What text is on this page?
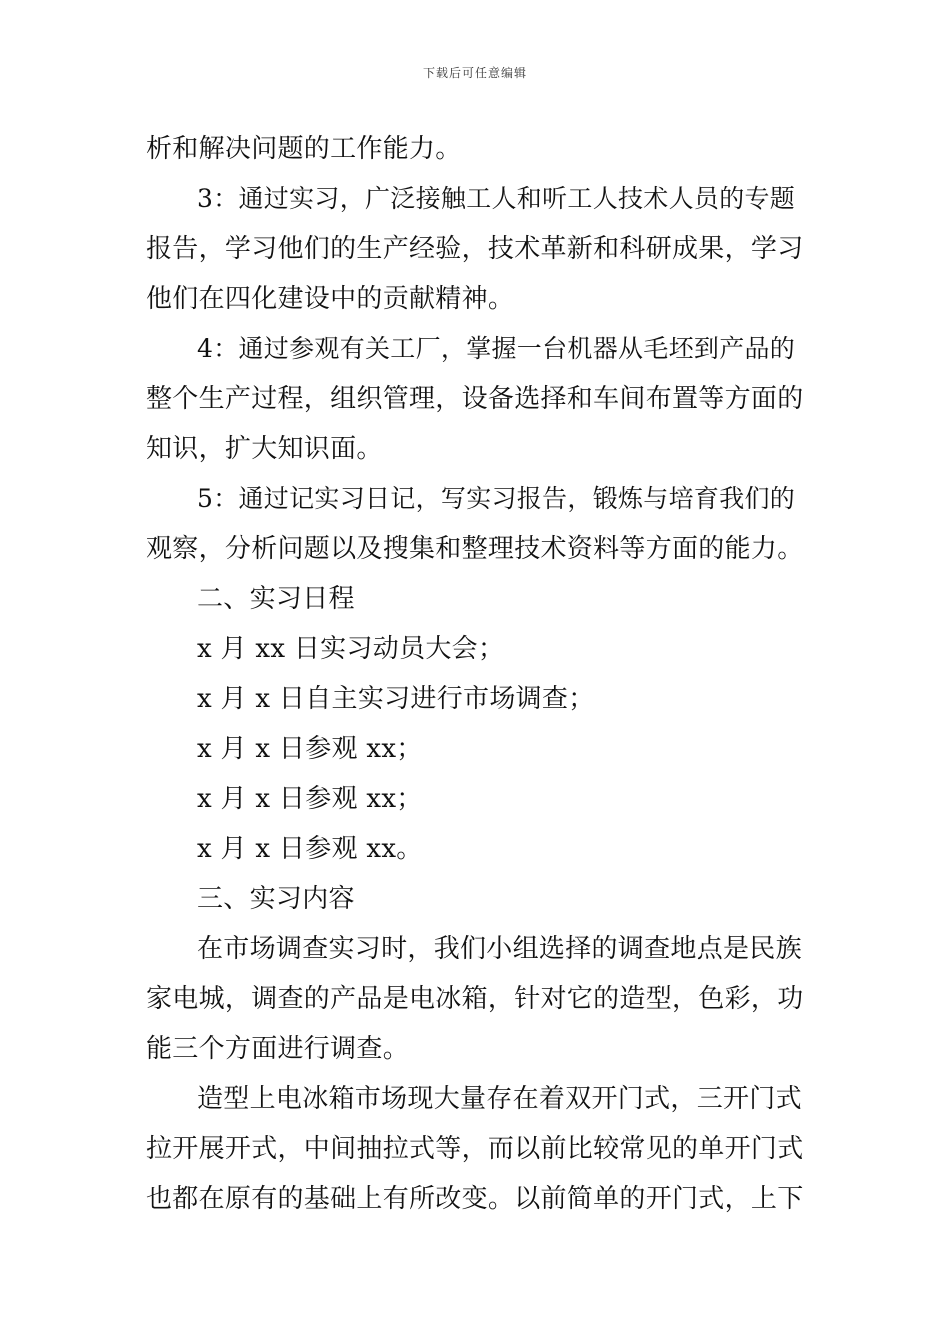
下载后可任意编辑
析和解决问题的工作能力。
3：通过实习，广泛接触工人和听工人技术人员的专题
报告，学习他们的生产经验，技术革新和科研成果，学习
他们在四化建设中的贡献精神。
4：通过参观有关工厂，掌握一台机器从毛坯到产品的
整个生产过程，组织管理，设备选择和车间布置等方面的
知识，扩大知识面。
5：通过记实习日记，写实习报告，锻炼与培育我们的
观察，分析问题以及搜集和整理技术资料等方面的能力。
二、实习日程
x 月 xx 日实习动员大会；
x 月 x 日自主实习进行市场调查；
x 月 x 日参观 xx；
x 月 x 日参观 xx；
x 月 x 日参观 xx。
三、实习内容
在市场调查实习时，我们小组选择的调查地点是民族
家电城，调查的产品是电冰箱，针对它的造型，色彩，功
能三个方面进行调查。
造型上电冰箱市场现大量存在着双开门式，三开门式
拉开展开式，中间抽拉式等，而以前比较常见的单开门式
也都在原有的基础上有所改变。以前简单的开门式，上下
